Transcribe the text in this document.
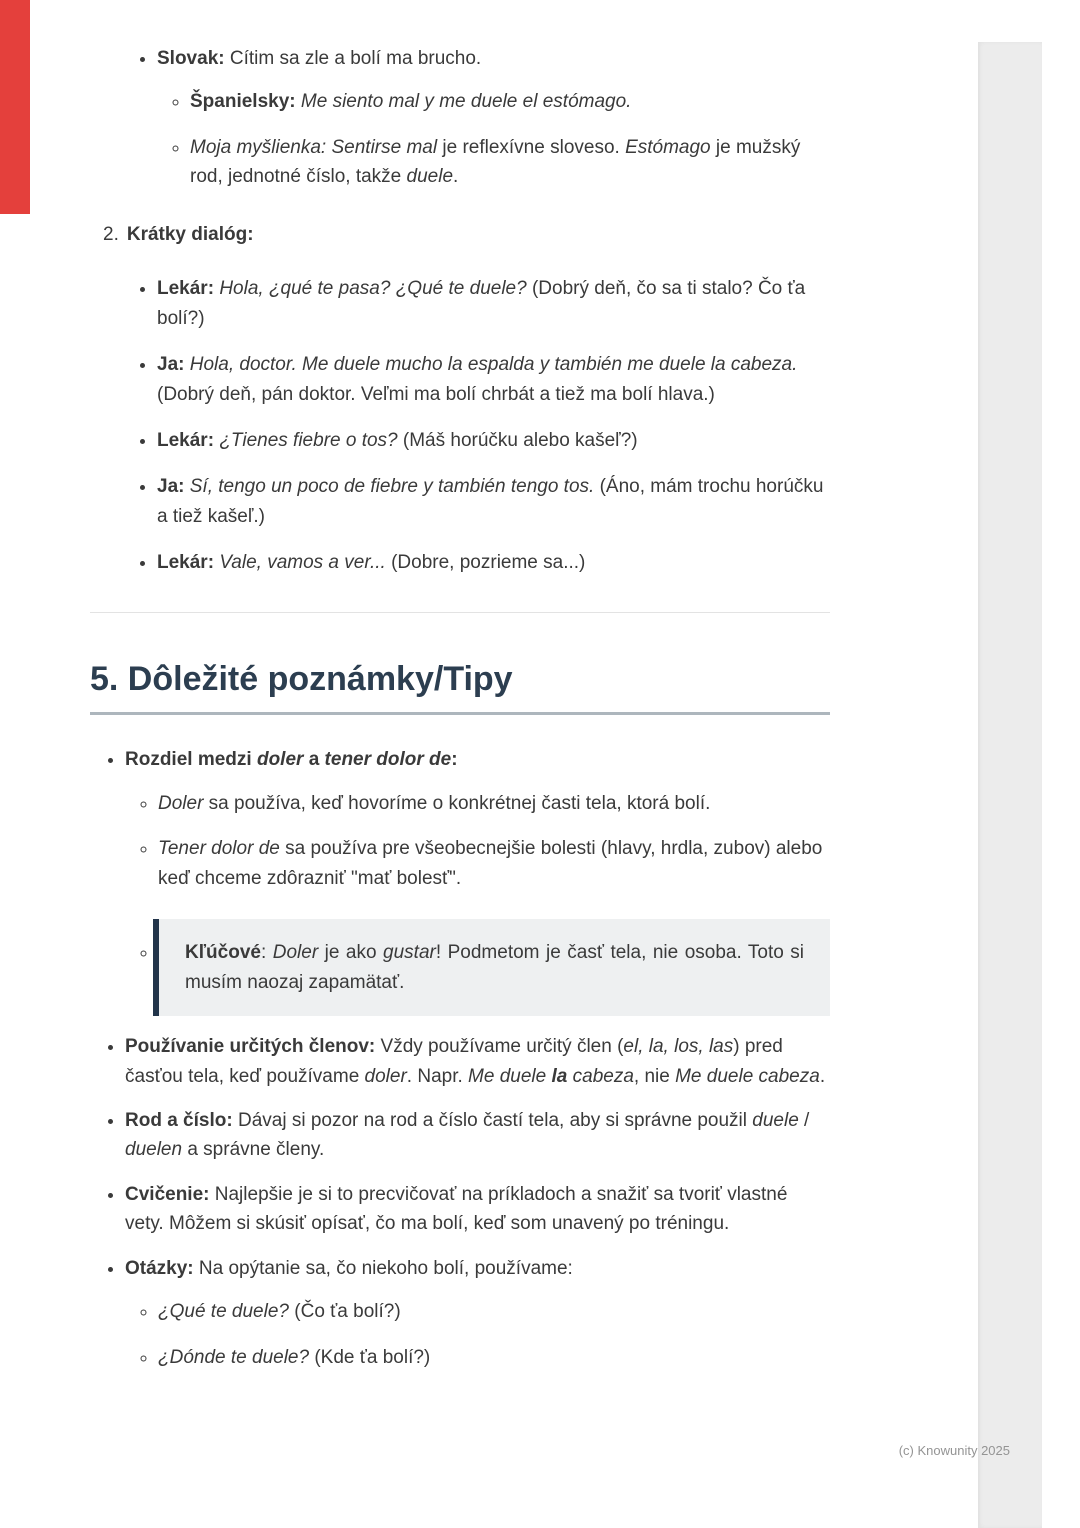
(c) Knowunity 2025

• Slovak: Cítim sa zle a bolí ma brucho.

◦ Španielsky: Me siento mal y me duele el estómago.

◦ Moja myšlienka: Sentirse mal je reflexívne sloveso. Estómago je mužský rod, jednotné číslo, takže duele.

2. Krátky dialóg:

• Lekár: Hola, ¿qué te pasa? ¿Qué te duele? (Dobrý deň, čo sa ti stalo? Čo ťa bolí?)

• Ja: Hola, doctor. Me duele mucho la espalda y también me duele la cabeza. (Dobrý deň, pán doktor. Veľmi ma bolí chrbát a tiež ma bolí hlava.)

• Lekár: ¿Tienes fiebre o tos? (Máš horúčku alebo kašeľ?)

• Ja: Sí, tengo un poco de fiebre y también tengo tos. (Áno, mám trochu horúčku a tiež kašeľ.)

• Lekár: Vale, vamos a ver... (Dobre, pozrieme sa...)

5. Dôležité poznámky/Tipy

• Rozdiel medzi doler a tener dolor de:

◦ Doler sa používa, keď hovoríme o konkrétnej časti tela, ktorá bolí.

◦ Tener dolor de sa používa pre všeobecnejšie bolesti (hlavy, hrdla, zubov) alebo keď chceme zdôrazniť "mať bolesť".

◦ Kľúčové: Doler je ako gustar! Podmetom je časť tela, nie osoba. Toto si musím naozaj zapamätať.

• Používanie určitých členov: Vždy používame určitý člen (el, la, los, las) pred časťou tela, keď používame doler. Napr. Me duele la cabeza, nie Me duele cabeza.

• Rod a číslo: Dávaj si pozor na rod a číslo častí tela, aby si správne použil duele / duelen a správne členy.

• Cvičenie: Najlepšie je si to precvičovať na príkladoch a snažiť sa tvoriť vlastné vety. Môžem si skúsiť opísať, čo ma bolí, keď som unavený po tréningu.

• Otázky: Na opýtanie sa, čo niekoho bolí, používame:

◦ ¿Qué te duele? (Čo ťa bolí?)

◦ ¿Dónde te duele? (Kde ťa bolí?)
